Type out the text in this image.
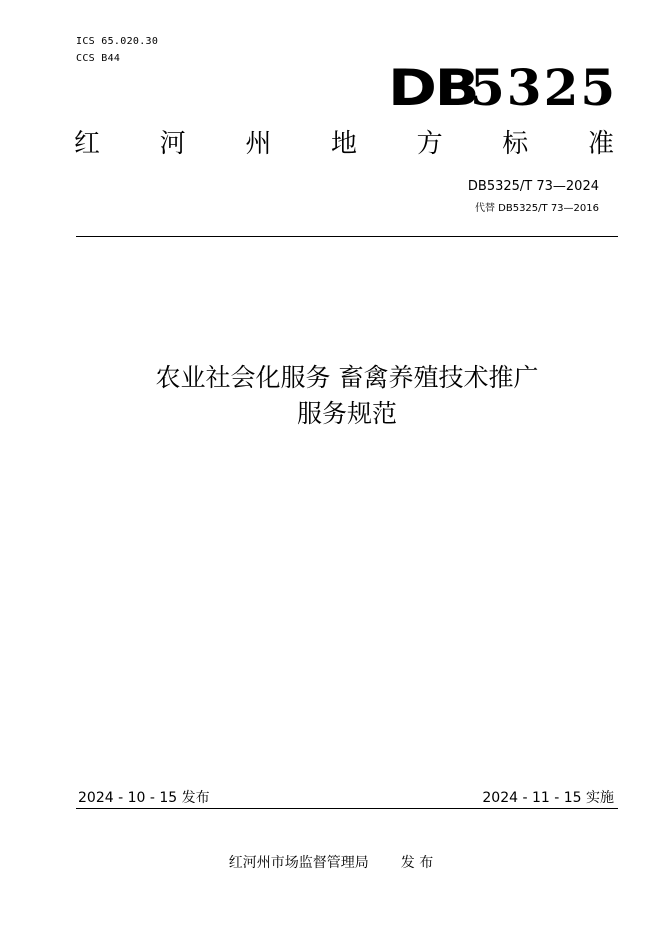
ICS 65.020.30
CCS B44
DB
5325
红 河 州 地 方 标 准
DB5325/T 73—2024
代替 DB5325/T 73—2016
农业社会化服务 畜禽养殖技术推广
服务规范
2024 - 10 - 15 发布	2024 - 11 - 15 实施
红河州市场监督管理局 发 布
